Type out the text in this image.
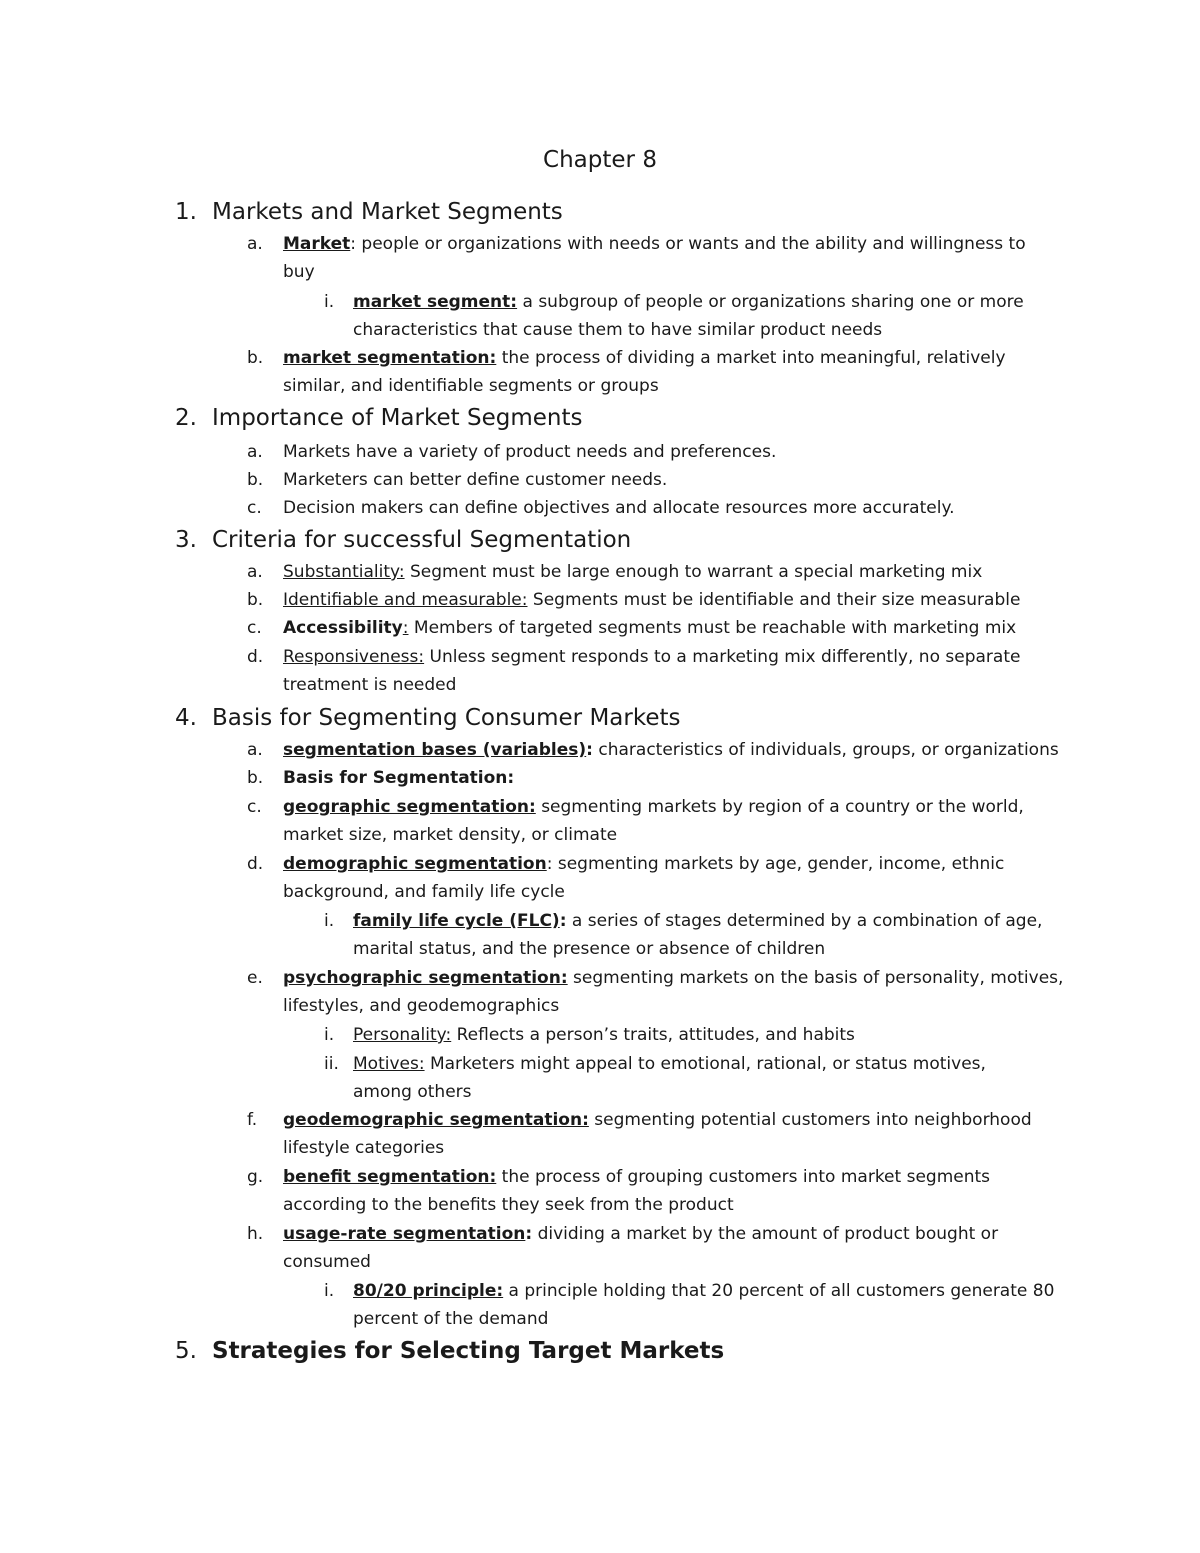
Chapter 8
1. Markets and Market Segments
a. Market: people or organizations with needs or wants and the ability and willingness to
buy
i. market segment: a subgroup of people or organizations sharing one or more
characteristics that cause them to have similar product needs
b. market segmentation: the process of dividing a market into meaningful, relatively
similar, and identifiable segments or groups
2. Importance of Market Segments
a. Markets have a variety of product needs and preferences.
b. Marketers can better define customer needs.
c. Decision makers can define objectives and allocate resources more accurately.
3. Criteria for successful Segmentation
a. Substantiality: Segment must be large enough to warrant a special marketing mix
b. Identifiable and measurable: Segments must be identifiable and their size measurable
c. Accessibility: Members of targeted segments must be reachable with marketing mix
d. Responsiveness: Unless segment responds to a marketing mix differently, no separate
treatment is needed
4. Basis for Segmenting Consumer Markets
a. segmentation bases (variables): characteristics of individuals, groups, or organizations
b. Basis for Segmentation:
c. geographic segmentation: segmenting markets by region of a country or the world,
market size, market density, or climate
d. demographic segmentation: segmenting markets by age, gender, income, ethnic
background, and family life cycle
i. family life cycle (FLC): a series of stages determined by a combination of age,
marital status, and the presence or absence of children
e. psychographic segmentation: segmenting markets on the basis of personality, motives,
lifestyles, and geodemographics
i. Personality: Reflects a person’s traits, attitudes, and habits
ii. Motives: Marketers might appeal to emotional, rational, or status motives,
among others
f. geodemographic segmentation: segmenting potential customers into neighborhood
lifestyle categories
g. benefit segmentation: the process of grouping customers into market segments
according to the benefits they seek from the product
h. usage-rate segmentation: dividing a market by the amount of product bought or
consumed
i. 80/20 principle: a principle holding that 20 percent of all customers generate 80
percent of the demand
5. Strategies for Selecting Target Markets
